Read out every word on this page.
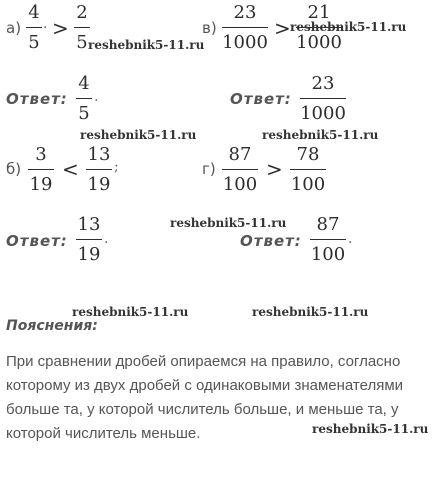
а)
4
5
. >
2
5 reshebnik5-11.ru
в)
23
1000
>
21
1000
reshebnik5-11.ru
Ответ:
4
5
.	Ответ:
23
1000
reshebnik5-11.ru	reshebnik5-11.ru
б)
3
19
<
13
19
;	г)
87
100
>
78
100
reshebnik5-11.ru
Ответ:
13
19
.	Ответ:
87
100
.
reshebnik5-11.ru	reshebnik5-11.ru
Пояснения:
При сравнении дробей опираемся на правило, согласно которому из двух дробей с одинаковыми знаменателями больше та, у которой числитель больше, и меньше та, у которой числитель меньше.	reshebnik5-11.ru
